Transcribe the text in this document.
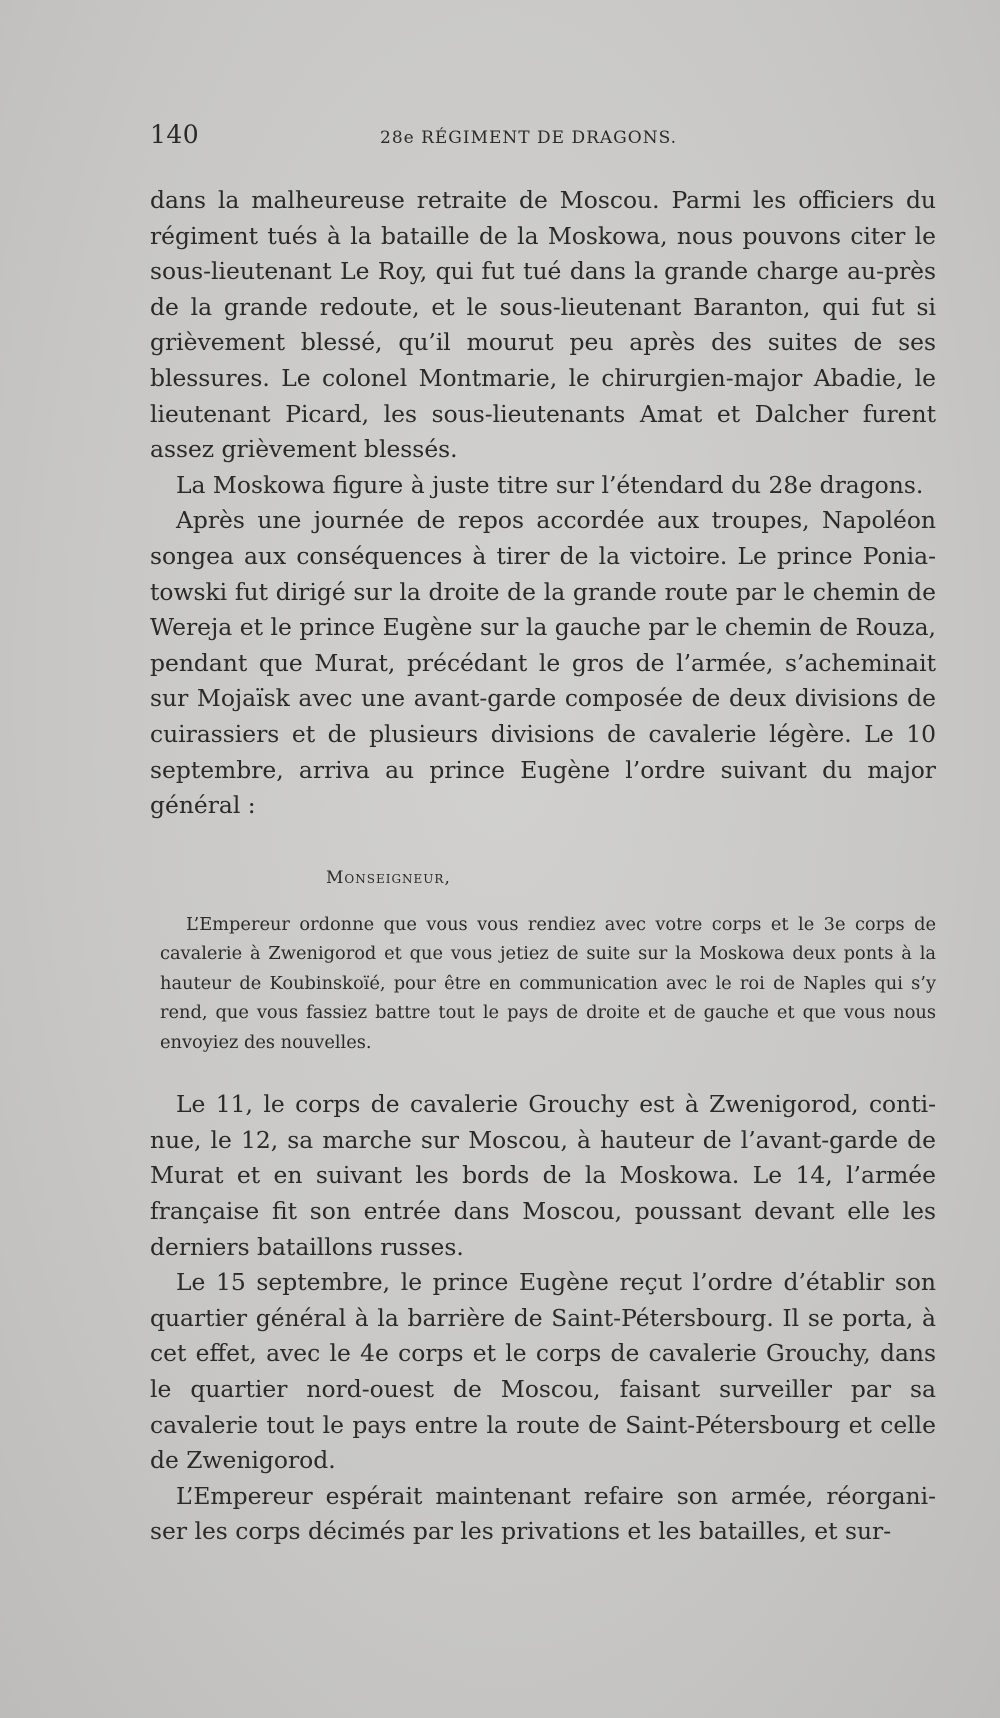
140	28e RÉGIMENT DE DRAGONS.

dans la malheureuse retraite de Moscou. Parmi les officiers du régiment tués à la bataille de la Moskowa, nous pouvons citer le sous-lieutenant Le Roy, qui fut tué dans la grande charge au-près de la grande redoute, et le sous-lieutenant Baranton, qui fut si grièvement blessé, qu’il mourut peu après des suites de ses blessures. Le colonel Montmarie, le chirurgien-major Abadie, le lieutenant Picard, les sous-lieutenants Amat et Dalcher furent assez grièvement blessés.

La Moskowa figure à juste titre sur l’étendard du 28e dragons.

Après une journée de repos accordée aux troupes, Napoléon songea aux conséquences à tirer de la victoire. Le prince Ponia-towski fut dirigé sur la droite de la grande route par le chemin de Wereja et le prince Eugène sur la gauche par le chemin de Rouza, pendant que Murat, précédant le gros de l’armée, s’acheminait sur Mojaïsk avec une avant-garde composée de deux divisions de cuirassiers et de plusieurs divisions de cavalerie légère. Le 10 septembre, arriva au prince Eugène l’ordre suivant du major général :

Monseigneur,

L’Empereur ordonne que vous vous rendiez avec votre corps et le 3e corps de cavalerie à Zwenigorod et que vous jetiez de suite sur la Moskowa deux ponts à la hauteur de Koubinskoïé, pour être en communication avec le roi de Naples qui s’y rend, que vous fassiez battre tout le pays de droite et de gauche et que vous nous envoyiez des nouvelles.

Le 11, le corps de cavalerie Grouchy est à Zwenigorod, conti-nue, le 12, sa marche sur Moscou, à hauteur de l’avant-garde de Murat et en suivant les bords de la Moskowa. Le 14, l’armée française fit son entrée dans Moscou, poussant devant elle les derniers bataillons russes.

Le 15 septembre, le prince Eugène reçut l’ordre d’établir son quartier général à la barrière de Saint-Pétersbourg. Il se porta, à cet effet, avec le 4e corps et le corps de cavalerie Grouchy, dans le quartier nord-ouest de Moscou, faisant surveiller par sa cavalerie tout le pays entre la route de Saint-Pétersbourg et celle de Zwenigorod.

L’Empereur espérait maintenant refaire son armée, réorgani-ser les corps décimés par les privations et les batailles, et sur-
